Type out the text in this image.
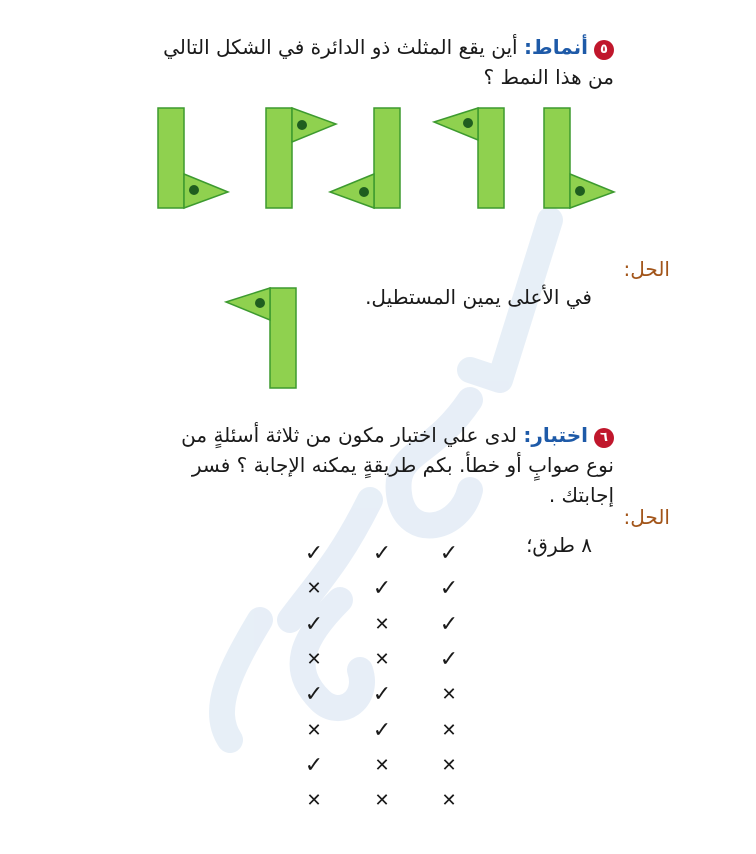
٥أنماط: أين يقع المثلث ذو الدائرة في الشكل التالي
من هذا النمط ؟
الحل:
في الأعلى يمين المستطيل.
٦اختبار: لدى علي اختبار مكون من ثلاثة أسئلةٍ من
نوع صوابٍ أو خطأ. بكم طريقةٍ يمكنه الإجابة ؟ فسر
إجابتك .
الحل:
٨ طرق؛
✓ ✓ ✓
✕ ✓ ✓
✓	✕ ✓
✕	✕ ✓
✓ ✓	✕
✕ ✓	✕
✓	✕	✕
✕	✕	✕
